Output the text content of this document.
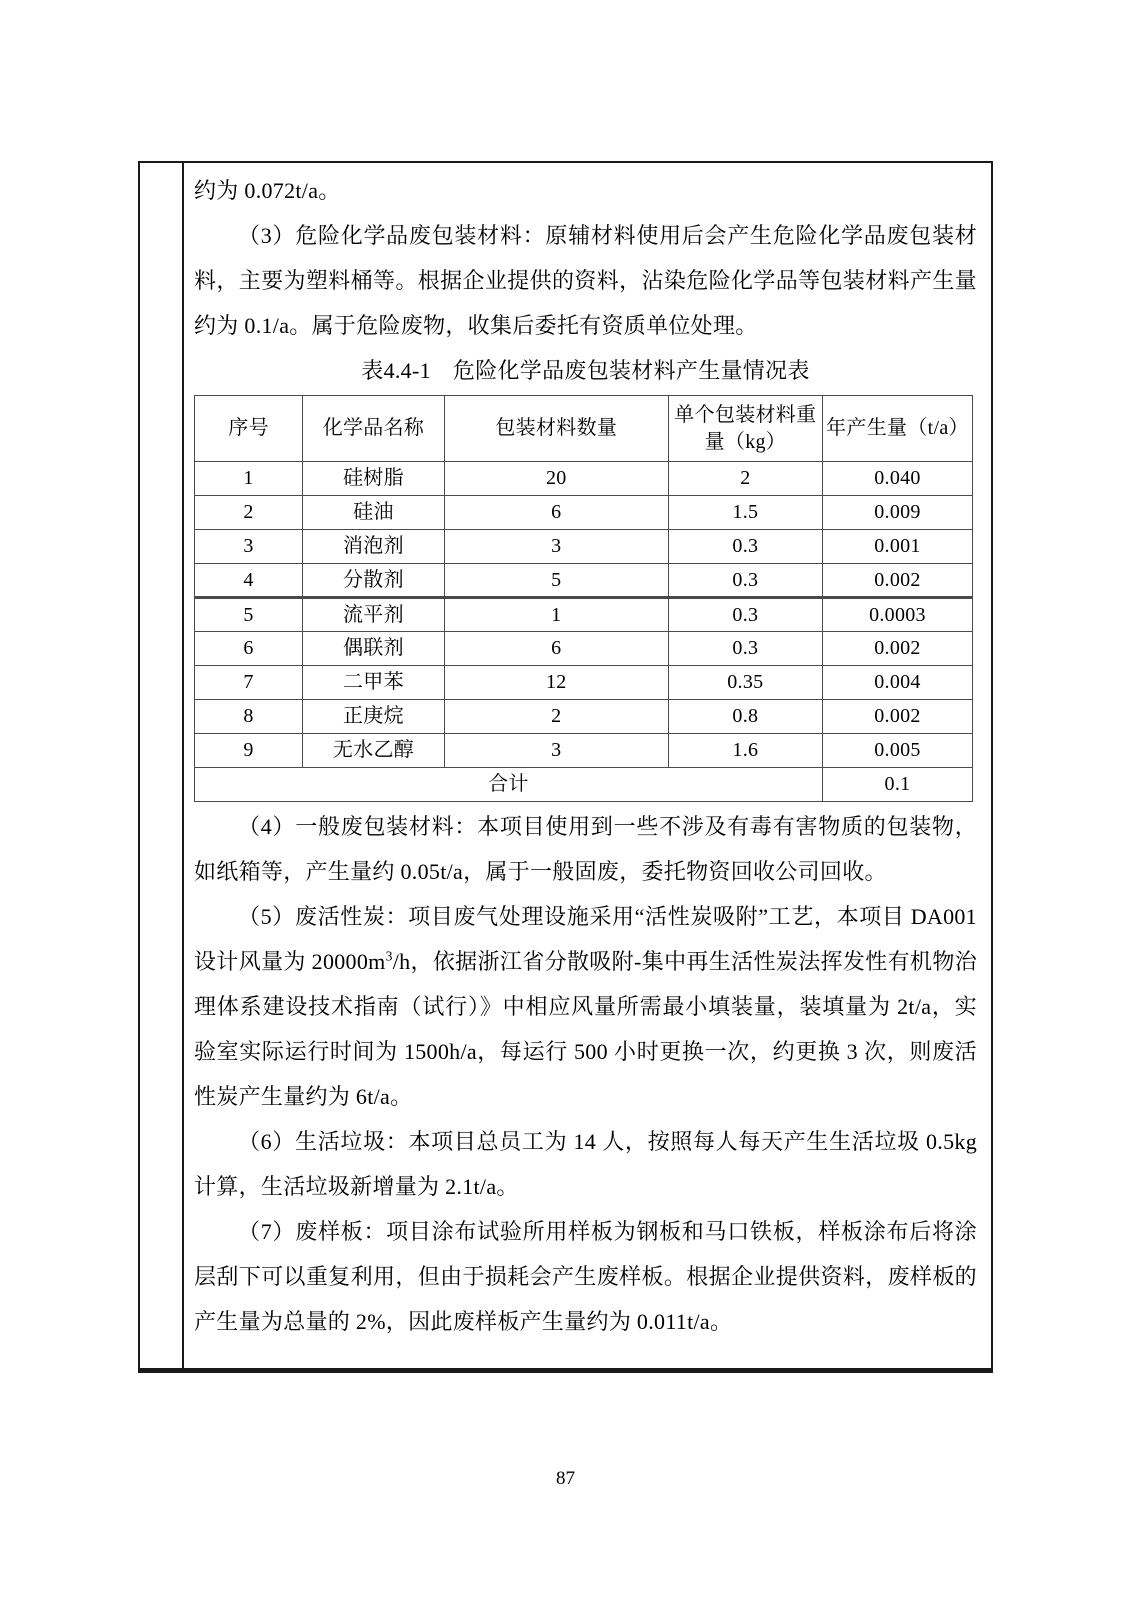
约为 0.072t/a。

（3）危险化学品废包装材料：原辅材料使用后会产生危险化学品废包装材料，主要为塑料桶等。根据企业提供的资料，沾染危险化学品等包装材料产生量约为 0.1/a。属于危险废物，收集后委托有资质单位处理。

表4.4-1 危险化学品废包装材料产生量情况表

序号	化学品名称	包装材料数量	单个包装材料重量（kg）	年产生量（t/a）
1	硅树脂	20	2	0.040
2	硅油	6	1.5	0.009
3	消泡剂	3	0.3	0.001
4	分散剂	5	0.3	0.002
5	流平剂	1	0.3	0.0003
6	偶联剂	6	0.3	0.002
7	二甲苯	12	0.35	0.004
8	正庚烷	2	0.8	0.002
9	无水乙醇	3	1.6	0.005
合计				0.1

（4）一般废包装材料：本项目使用到一些不涉及有毒有害物质的包装物，如纸箱等，产生量约 0.05t/a，属于一般固废，委托物资回收公司回收。

（5）废活性炭：项目废气处理设施采用“活性炭吸附”工艺，本项目 DA001 设计风量为 $20000m^3/h$，依据浙江省分散吸附-集中再生活性炭法挥发性有机物治理体系建设技术指南（试行）》中相应风量所需最小填装量，装填量为 2t/a，实验室实际运行时间为 1500h/a，每运行 500 小时更换一次，约更换 3 次，则废活性炭产生量约为 6t/a。

（6）生活垃圾：本项目总员工为 14 人，按照每人每天产生生活垃圾 0.5kg 计算，生活垃圾新增量为 2.1t/a。

（7）废样板：项目涂布试验所用样板为钢板和马口铁板，样板涂布后将涂层刮下可以重复利用，但由于损耗会产生废样板。根据企业提供资料，废样板的产生量为总量的 2%，因此废样板产生量约为 0.011t/a。

87
